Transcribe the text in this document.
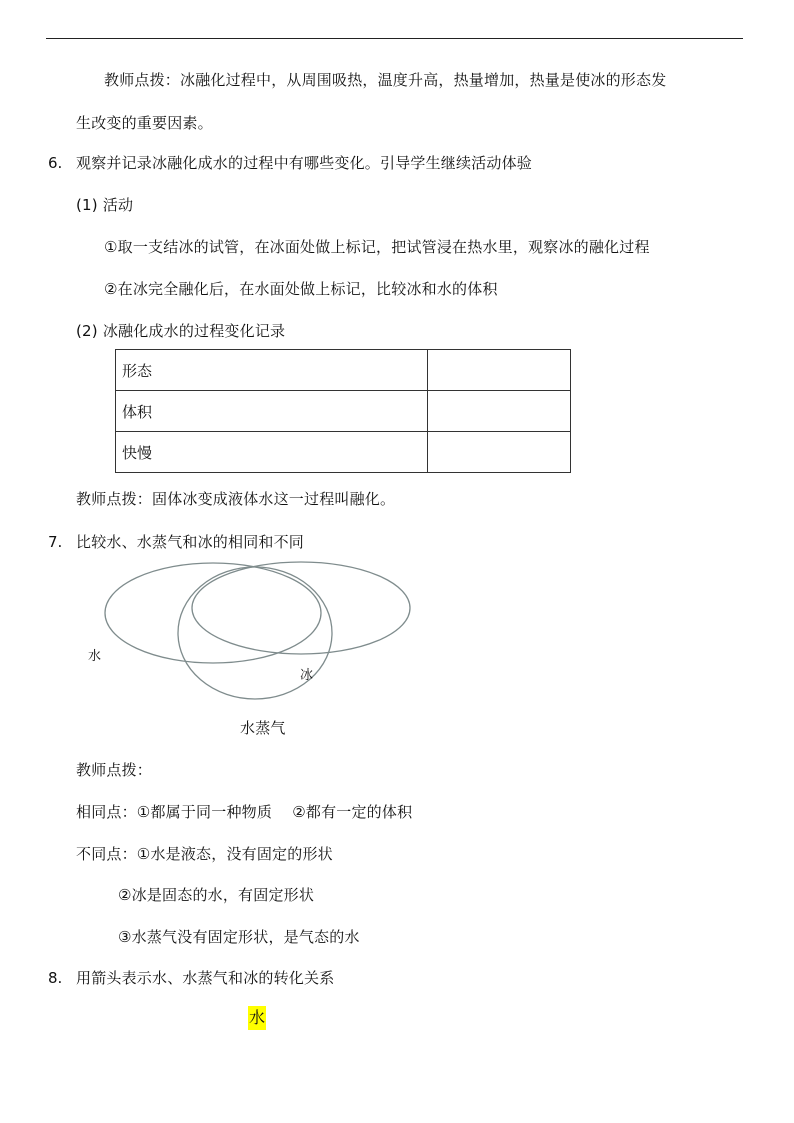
教师点拨：冰融化过程中，从周围吸热，温度升高，热量增加，热量是使冰的形态发
生改变的重要因素。
6. 观察并记录冰融化成水的过程中有哪些变化。引导学生继续活动体验
(1) 活动
①取一支结冰的试管，在冰面处做上标记，把试管浸在热水里，观察冰的融化过程
②在冰完全融化后，在水面处做上标记，比较冰和水的体积
(2) 冰融化成水的过程变化记录
形态	
体积	
快慢	
教师点拨：固体冰变成液体水这一过程叫融化。
7. 比较水、水蒸气和冰的相同和不同
水
冰
水蒸气
教师点拨：
相同点：①都属于同一种物质　 ②都有一定的体积
不同点：①水是液态，没有固定的形状
②冰是固态的水，有固定形状
③水蒸气没有固定形状，是气态的水
8. 用箭头表示水、水蒸气和冰的转化关系
水
